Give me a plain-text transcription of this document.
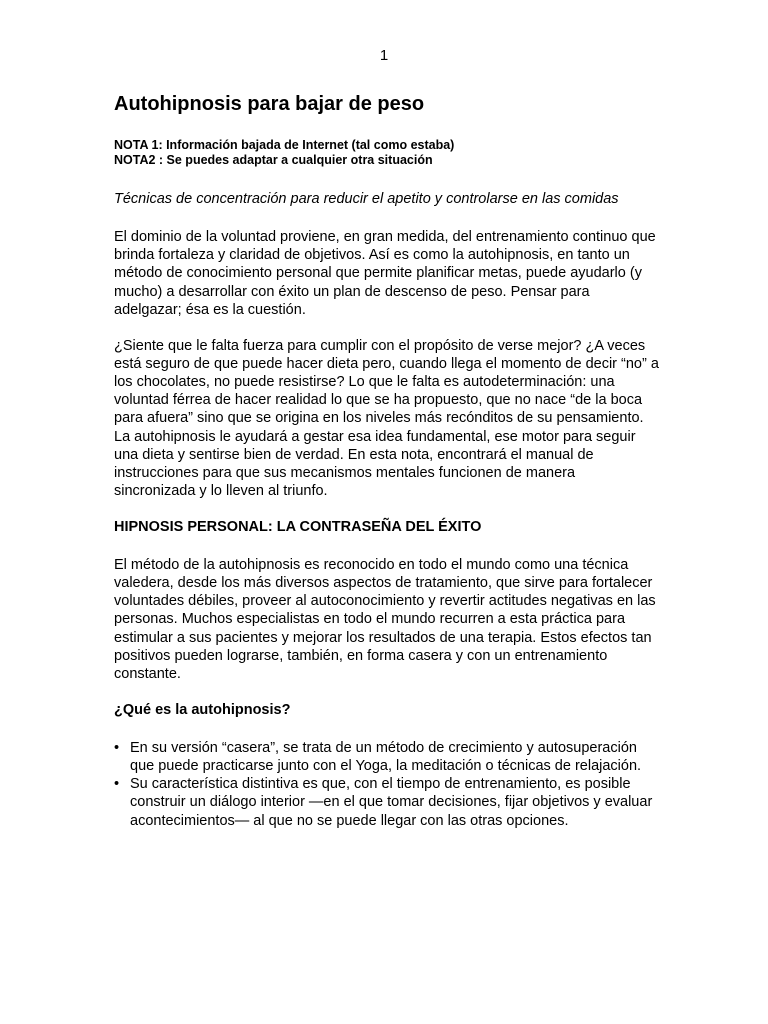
1
Autohipnosis para bajar de peso
NOTA 1: Información bajada de Internet (tal como estaba)
NOTA2 : Se puedes adaptar a cualquier otra situación
Técnicas de concentración para reducir el apetito y controlarse en las comidas

El dominio de la voluntad proviene, en gran medida, del entrenamiento continuo que brinda fortaleza y claridad de objetivos. Así es como la autohipnosis, en tanto un método de conocimiento personal que permite planificar metas, puede ayudarlo (y mucho) a desarrollar con éxito un plan de descenso de peso. Pensar para adelgazar; ésa es la cuestión.

¿Siente que le falta fuerza para cumplir con el propósito de verse mejor? ¿A veces está seguro de que puede hacer dieta pero, cuando llega el momento de decir “no” a los chocolates, no puede resistirse? Lo que le falta es autodeterminación: una voluntad férrea de hacer realidad lo que se ha propuesto, que no nace “de la boca para afuera” sino que se origina en los niveles más recónditos de su pensamiento. La autohipnosis le ayudará a gestar esa idea fundamental, ese motor para seguir una dieta y sentirse bien de verdad. En esta nota, encontrará el manual de instrucciones para que sus mecanismos mentales funcionen de manera sincronizada y lo lleven al triunfo.

HIPNOSIS PERSONAL: LA CONTRASEÑA DEL ÉXITO

El método de la autohipnosis es reconocido en todo el mundo como una técnica valedera, desde los más diversos aspectos de tratamiento, que sirve para fortalecer voluntades débiles, proveer al autoconocimiento y revertir actitudes negativas en las personas. Muchos especialistas en todo el mundo recurren a esta práctica para estimular a sus pacientes y mejorar los resultados de una terapia. Estos efectos tan positivos pueden lograrse, también, en forma casera y con un entrenamiento constante.

¿Qué es la autohipnosis?
• En su versión “casera”, se trata de un método de crecimiento y autosuperación que puede practicarse junto con el Yoga, la meditación o técnicas de relajación.
• Su característica distintiva es que, con el tiempo de entrenamiento, es posible construir un diálogo interior —en el que tomar decisiones, fijar objetivos y evaluar acontecimientos— al que no se puede llegar con las otras opciones.
